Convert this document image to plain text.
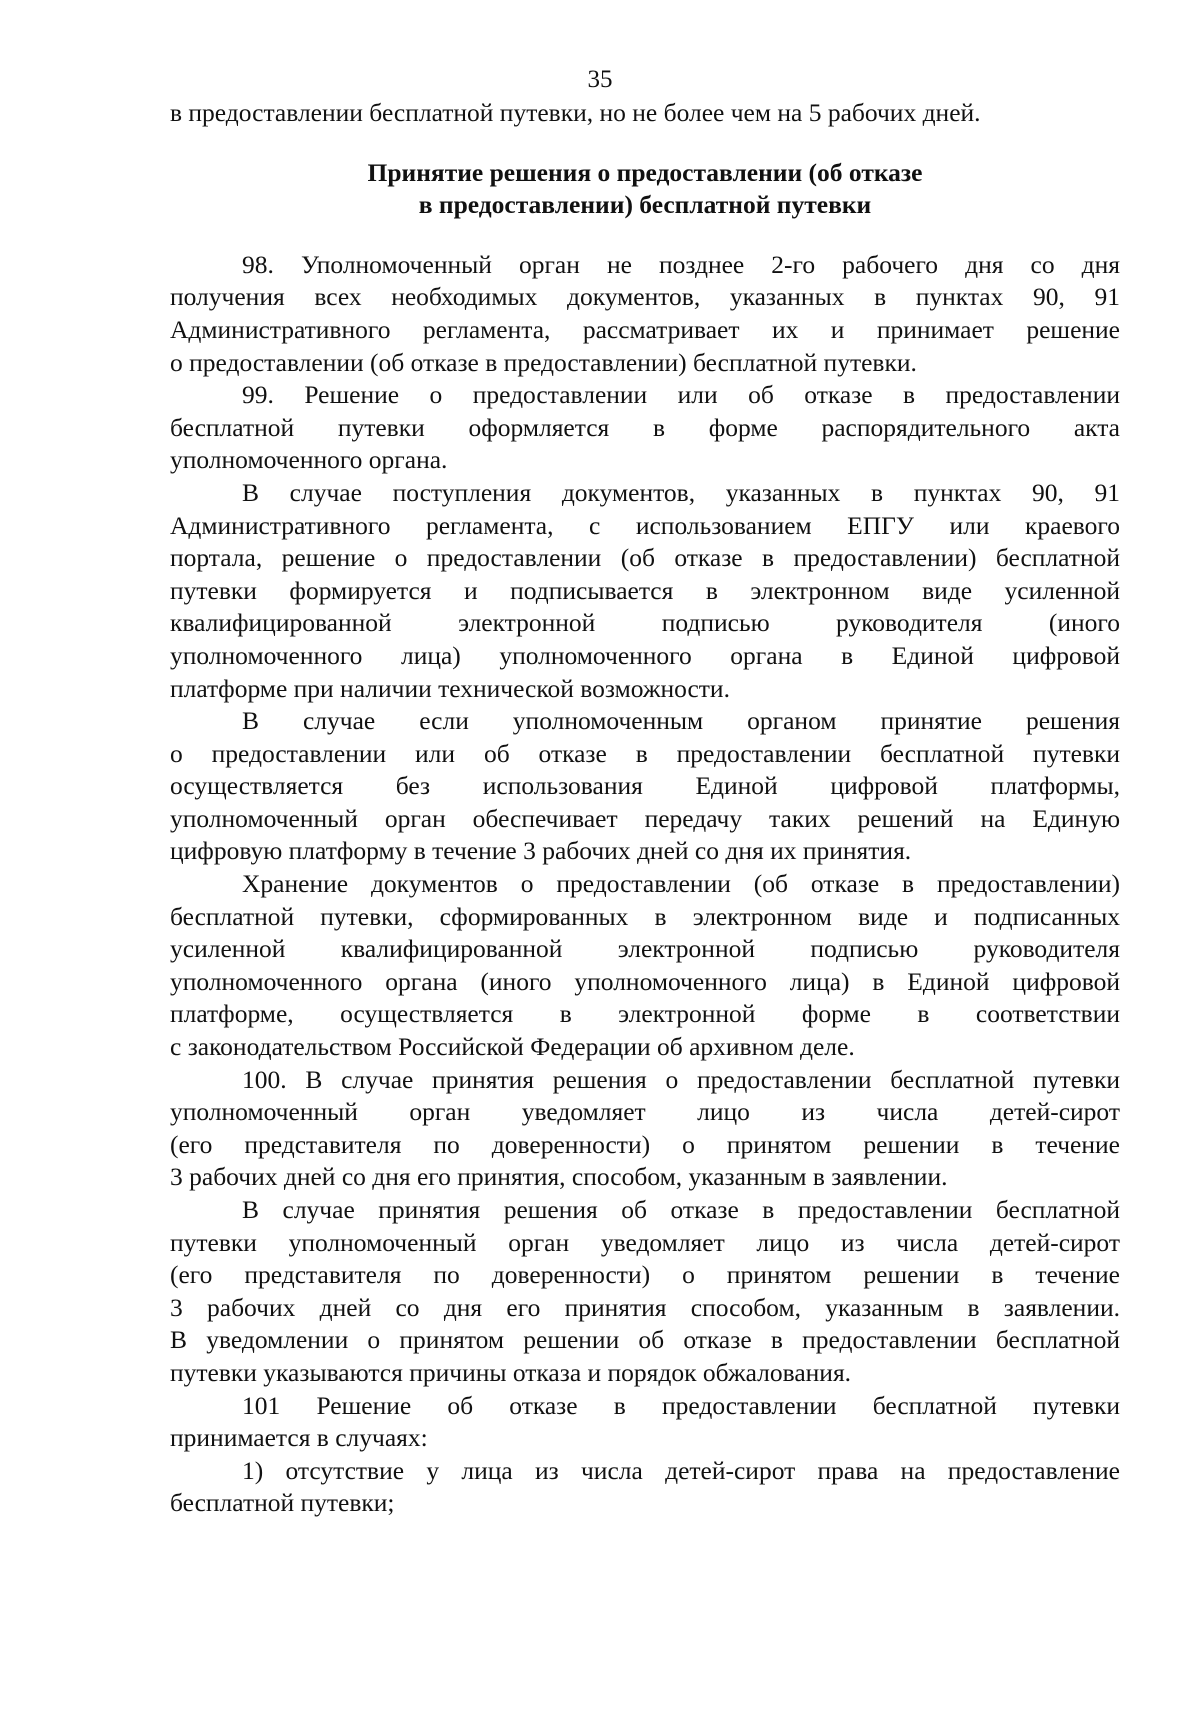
35
в предоставлении бесплатной путевки, но не более чем на 5 рабочих дней.
Принятие решения о предоставлении (об отказе
в предоставлении) бесплатной путевки
98. Уполномоченный орган не позднее 2-го рабочего дня со дня
получения всех необходимых документов, указанных в пунктах 90, 91
Административного регламента, рассматривает их и принимает решение
о предоставлении (об отказе в предоставлении) бесплатной путевки.
99. Решение о предоставлении или об отказе в предоставлении
бесплатной путевки оформляется в форме распорядительного акта
уполномоченного органа.
В случае поступления документов, указанных в пунктах 90, 91
Административного регламента, с использованием ЕПГУ или краевого
портала, решение о предоставлении (об отказе в предоставлении) бесплатной
путевки формируется и подписывается в электронном виде усиленной
квалифицированной электронной подписью руководителя (иного
уполномоченного лица) уполномоченного органа в Единой цифровой
платформе при наличии технической возможности.
В случае если уполномоченным органом принятие решения
о предоставлении или об отказе в предоставлении бесплатной путевки
осуществляется без использования Единой цифровой платформы,
уполномоченный орган обеспечивает передачу таких решений на Единую
цифровую платформу в течение 3 рабочих дней со дня их принятия.
Хранение документов о предоставлении (об отказе в предоставлении)
бесплатной путевки, сформированных в электронном виде и подписанных
усиленной квалифицированной электронной подписью руководителя
уполномоченного органа (иного уполномоченного лица) в Единой цифровой
платформе, осуществляется в электронной форме в соответствии
с законодательством Российской Федерации об архивном деле.
100. В случае принятия решения о предоставлении бесплатной путевки
уполномоченный орган уведомляет лицо из числа детей-сирот
(его представителя по доверенности) о принятом решении в течение
3 рабочих дней со дня его принятия, способом, указанным в заявлении.
В случае принятия решения об отказе в предоставлении бесплатной
путевки уполномоченный орган уведомляет лицо из числа детей-сирот
(его представителя по доверенности) о принятом решении в течение
3 рабочих дней со дня его принятия способом, указанным в заявлении.
В уведомлении о принятом решении об отказе в предоставлении бесплатной
путевки указываются причины отказа и порядок обжалования.
101 Решение об отказе в предоставлении бесплатной путевки
принимается в случаях:
1) отсутствие у лица из числа детей-сирот права на предоставление
бесплатной путевки;
